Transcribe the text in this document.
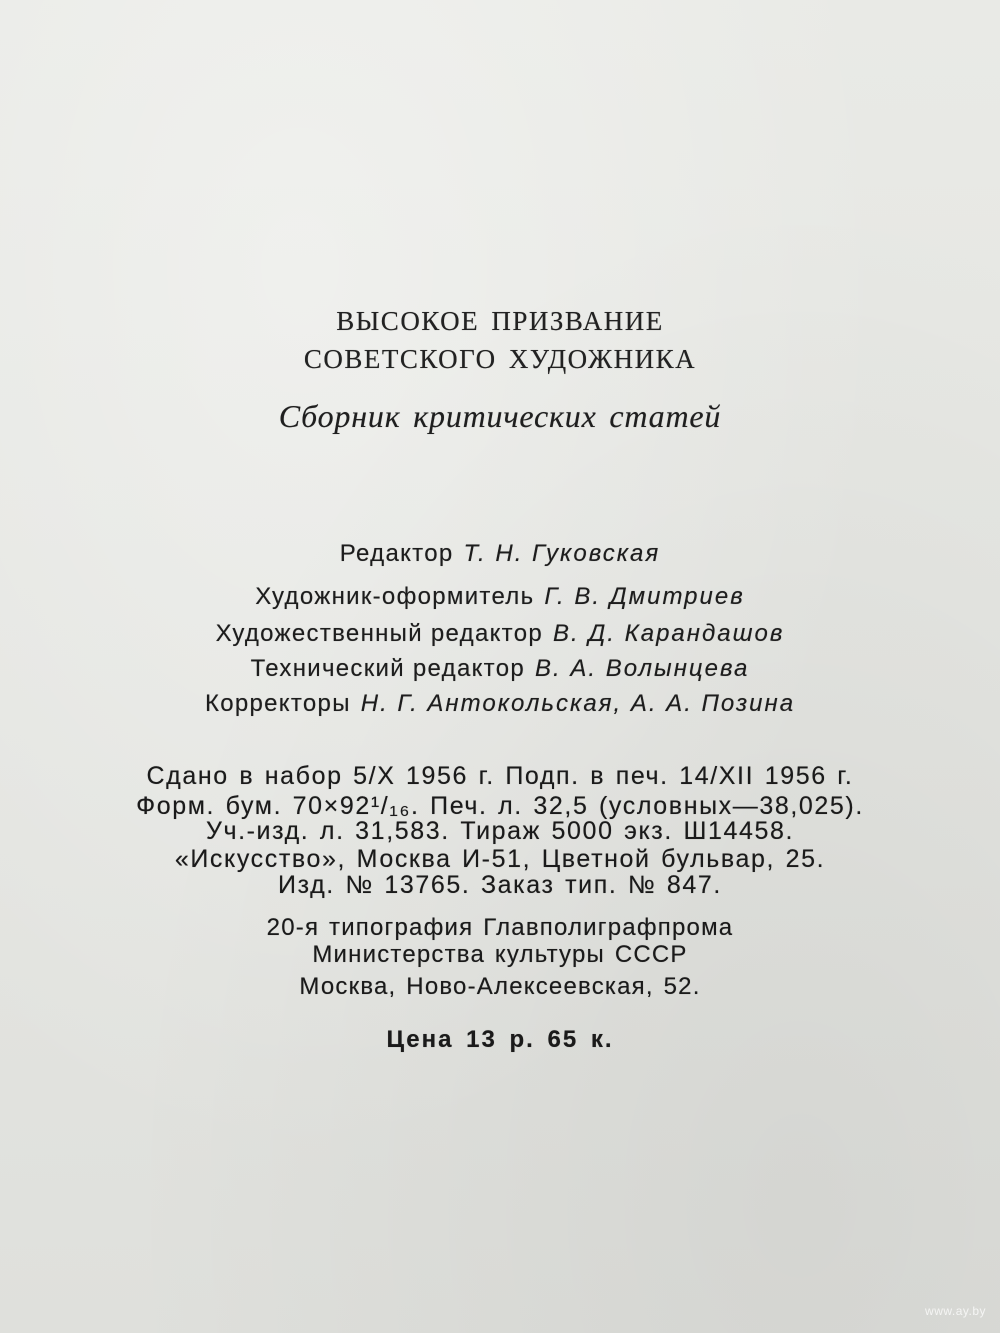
ВЫСОКОЕ ПРИЗВАНИЕ
СОВЕТСКОГО ХУДОЖНИКА
Сборник критических статей
Редактор Т. Н. Гуковская
Художник-оформитель Г. В. Дмитриев
Художественный редактор В. Д. Карандашов
Технический редактор В. А. Волынцева
Корректоры Н. Г. Антокольская, А. А. Позина
Сдано в набор 5/X 1956 г. Подп. в печ. 14/XII 1956 г.
Форм. бум. 70×92¹/₁₆. Печ. л. 32,5 (условных—38,025).
Уч.-изд. л. 31,583. Тираж 5000 экз. Ш14458.
«Искусство», Москва И-51, Цветной бульвар, 25.
Изд. № 13765. Заказ тип. № 847.
20-я типография Главполиграфпрома
Министерства культуры СССР
Москва, Ново-Алексеевская, 52.
Цена 13 р. 65 к.
www.ay.by
